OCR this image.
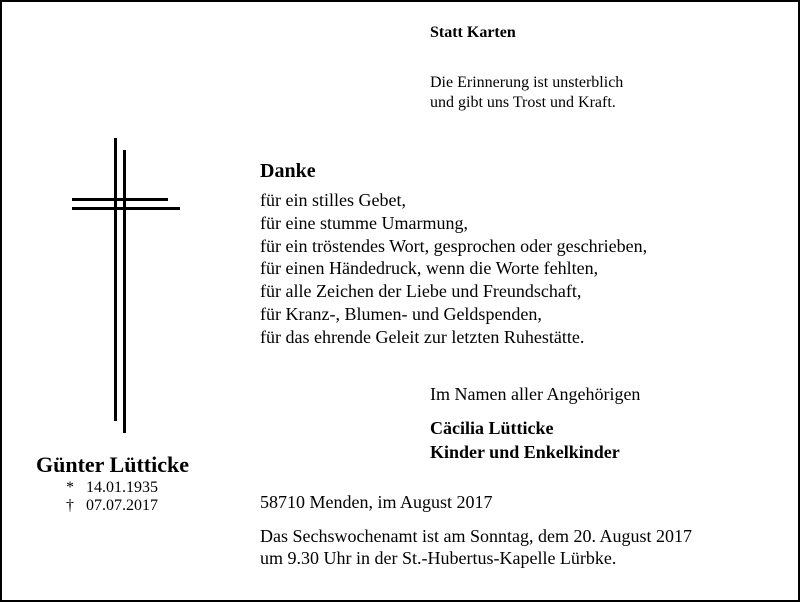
Statt Karten
Die Erinnerung ist unsterblich
und gibt uns Trost und Kraft.
Danke
für ein stilles Gebet,
für eine stumme Umarmung,
für ein tröstendes Wort, gesprochen oder geschrieben,
für einen Händedruck, wenn die Worte fehlten,
für alle Zeichen der Liebe und Freundschaft,
für Kranz-, Blumen- und Geldspenden,
für das ehrende Geleit zur letzten Ruhestätte.
Im Namen aller Angehörigen
Cäcilia Lütticke
Kinder und Enkelkinder
Günter Lütticke
* 14.01.1935
† 07.07.2017	58710 Menden, im August 2017
Das Sechswochenamt ist am Sonntag, dem 20. August 2017
um 9.30 Uhr in der St.-Hubertus-Kapelle Lürbke.
